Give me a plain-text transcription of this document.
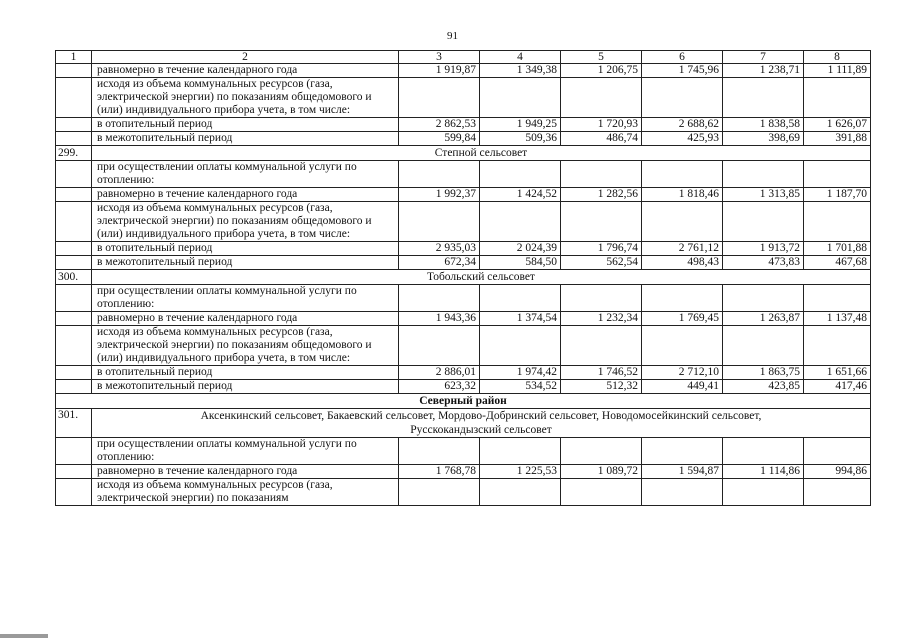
91
1	2	3	4	5	6	7	8
	равномерно в течение календарного года	1 919,87	1 349,38	1 206,75	1 745,96	1 238,71	1 111,89
	исходя из объема коммунальных ресурсов (газа, электрической энергии) по показаниям общедомового и (или) индивидуального прибора учета, в том числе:						
	в отопительный период	2 862,53	1 949,25	1 720,93	2 688,62	1 838,58	1 626,07
	в межотопительный период	599,84	509,36	486,74	425,93	398,69	391,88
299.	Степной сельсовет						
	при осуществлении оплаты коммунальной услуги по отоплению:						
	равномерно в течение календарного года	1 992,37	1 424,52	1 282,56	1 818,46	1 313,85	1 187,70
	исходя из объема коммунальных ресурсов (газа, электрической энергии) по показаниям общедомового и (или) индивидуального прибора учета, в том числе:						
	в отопительный период	2 935,03	2 024,39	1 796,74	2 761,12	1 913,72	1 701,88
	в межотопительный период	672,34	584,50	562,54	498,43	473,83	467,68
300.	Тобольский сельсовет						
	при осуществлении оплаты коммунальной услуги по отоплению:						
	равномерно в течение календарного года	1 943,36	1 374,54	1 232,34	1 769,45	1 263,87	1 137,48
	исходя из объема коммунальных ресурсов (газа, электрической энергии) по показаниям общедомового и (или) индивидуального прибора учета, в том числе:						
	в отопительный период	2 886,01	1 974,42	1 746,52	2 712,10	1 863,75	1 651,66
	в межотопительный период	623,32	534,52	512,32	449,41	423,85	417,46
Северный район							
301.	Аксенкинский сельсовет, Бакаевский сельсовет, Мордово-Добринский сельсовет, Новодомосейкинский сельсовет,
Русскокандызский сельсовет						
	при осуществлении оплаты коммунальной услуги по отоплению:						
	равномерно в течение календарного года	1 768,78	1 225,53	1 089,72	1 594,87	1 114,86	994,86
	исходя из объема коммунальных ресурсов (газа, электрической энергии) по показаниям						
